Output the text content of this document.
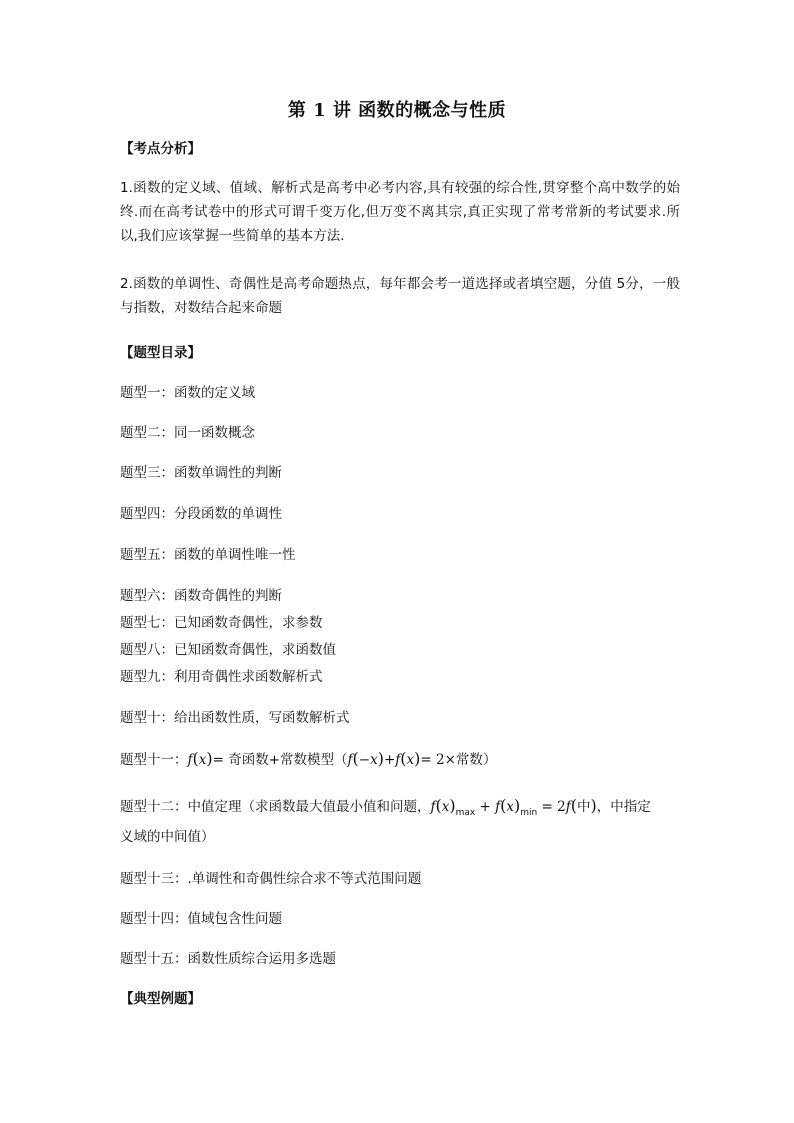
第 1 讲 函数的概念与性质
【考点分析】
1.函数的定义域、值域、解析式是高考中必考内容,具有较强的综合性,贯穿整个高中数学的始终.而在高考试卷中的形式可谓千变万化,但万变不离其宗,真正实现了常考常新的考试要求.所以,我们应该掌握一些简单的基本方法.
2.函数的单调性、奇偶性是高考命题热点，每年都会考一道选择或者填空题，分值 5分，一般与指数，对数结合起来命题
【题型目录】
题型一：函数的定义域
题型二：同一函数概念
题型三：函数单调性的判断
题型四：分段函数的单调性
题型五：函数的单调性唯一性
题型六：函数奇偶性的判断
题型七：已知函数奇偶性，求参数
题型八：已知函数奇偶性，求函数值
题型九：利用奇偶性求函数解析式
题型十：给出函数性质，写函数解析式
题型十一：f(x)= 奇函数+常数模型（f(−x)+f(x)= 2×常数）
题型十二：中值定理（求函数最大值最小值和问题，$f(x)_{max} + f(x)_{min} = 2f$(中)，中指定
义域的中间值）
题型十三：.单调性和奇偶性综合求不等式范围问题
题型十四：值域包含性问题
题型十五：函数性质综合运用多选题
【典型例题】
